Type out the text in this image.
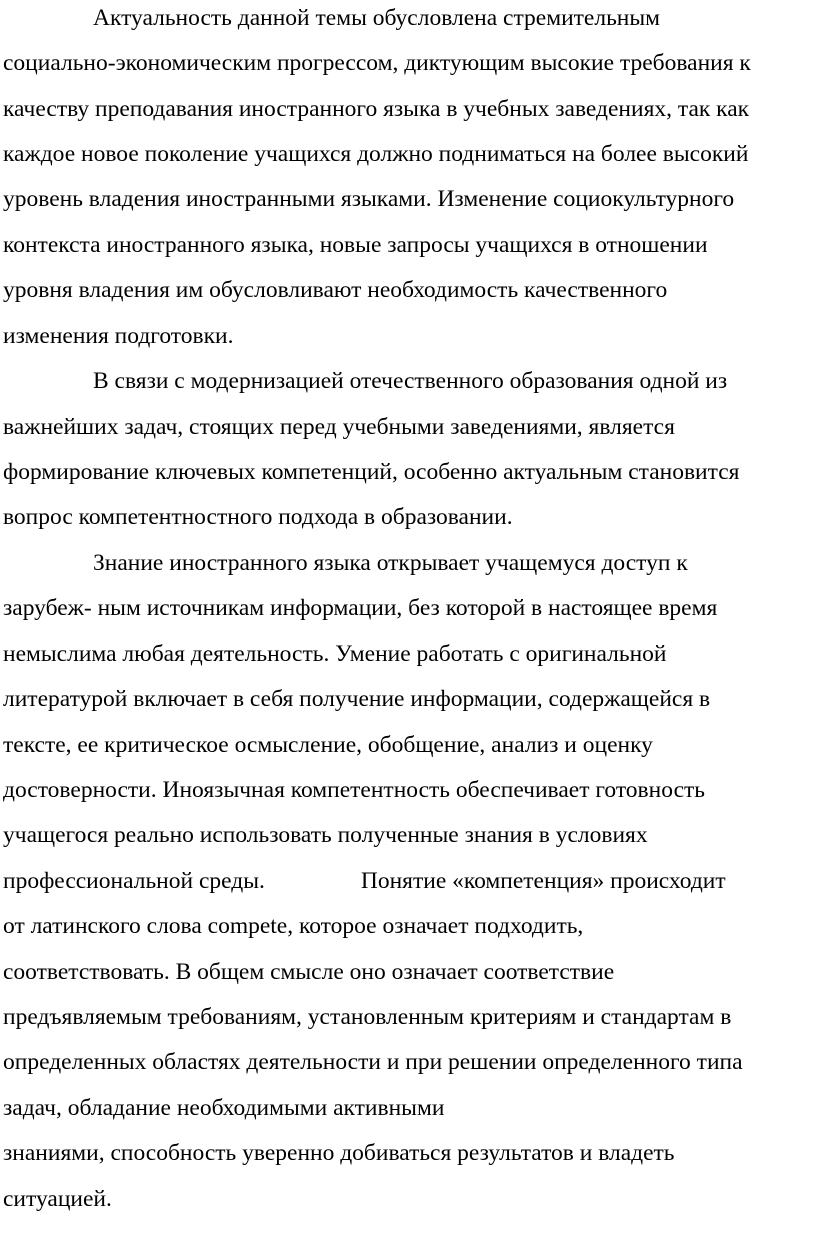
Актуальность данной темы обусловлена стремительным
социально-экономическим прогрессом, диктующим высокие требования к
качеству преподавания иностранного языка в учебных заведениях, так как
каждое новое поколение учащихся должно подниматься на более высокий
уровень владения иностранными языками. Изменение социокультурного
контекста иностранного языка, новые запросы учащихся в отношении
уровня владения им обусловливают необходимость качественного
изменения подготовки.
В связи с модернизацией отечественного образования одной из
важнейших задач, стоящих перед учебными заведениями, является
формирование ключевых компетенций, особенно актуальным становится
вопрос компетентностного подхода в образовании.
Знание иностранного языка открывает учащемуся доступ к
зарубеж- ным источникам информации, без которой в настоящее время
немыслима любая деятельность. Умение работать с оригинальной
литературой включает в себя получение информации, содержащейся в
тексте, ее критическое осмысление, обобщение, анализ и оценку
достоверности. Иноязычная компетентность обеспечивает готовность
учащегося реально использовать полученные знания в условиях
профессиональной среды.	Понятие «компетенция» происходит
от латинского слова compete, которое означает подходить,
соответствовать. В общем смысле оно означает соответствие
предъявляемым требованиям, установленным критериям и стандартам в
определенных областях деятельности и при решении определенного типа
задач, обладание необходимыми активными
знаниями, способность уверенно добиваться результатов и владеть
ситуацией.
